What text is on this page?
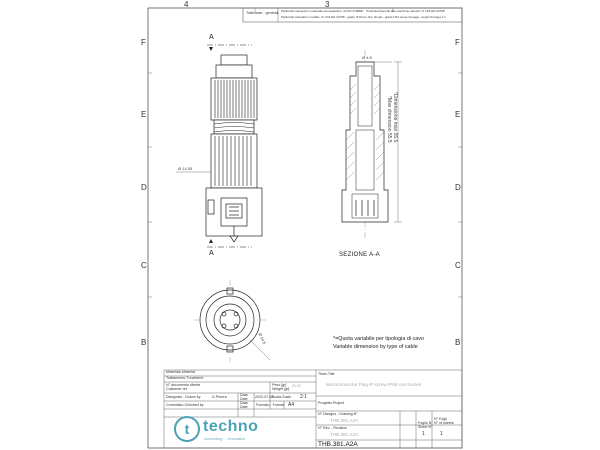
4	3
F
E
D
C
B
F
E
D
C
B
t
Tolleranze - generali Particolari stampati in materiale termoplastico: di ISO 2768MK · Particolari lavorati alle macchine utensili: rif. UNI EN 22768
Particolari tranciati in metallo: rif. UNI EN 22768 - grado IT10 per dim. lineari - grado IT11 quote di piega - angoli di piega ± 1
A
A
Ø 4.8
Ø 14.55
*Dimensione max 55.5
*Max dimension 55.5
Ø 14.5
SEZIONE A-A
*=Quota variabile per tipologia di cavo
Variable dimension by type of cable
Materiale-Material:
Trattamento-Treatment:
N° documento cliente
Customer ref
Peso [gr]
Weight [gr]
21.91
Disegnato - Drawn by	G.Pirrera	Data
Date 2022-07-08
Scala-Scale 2:1
Controllato-Checked by	Data
Date Formato - Format A4
Titolo-Title
Microconnector Plug IP screw IP68 con tracker
Progetto-Project
N° Disegno - Drawing N°
THB.381.A2A
N° Rev. - Revision
THB.381.A2A
THB.381.A2A
Foglio N°
Sheet N°
N° Fogli
N° of sheets
1	1
techno
connecting ... innovation
